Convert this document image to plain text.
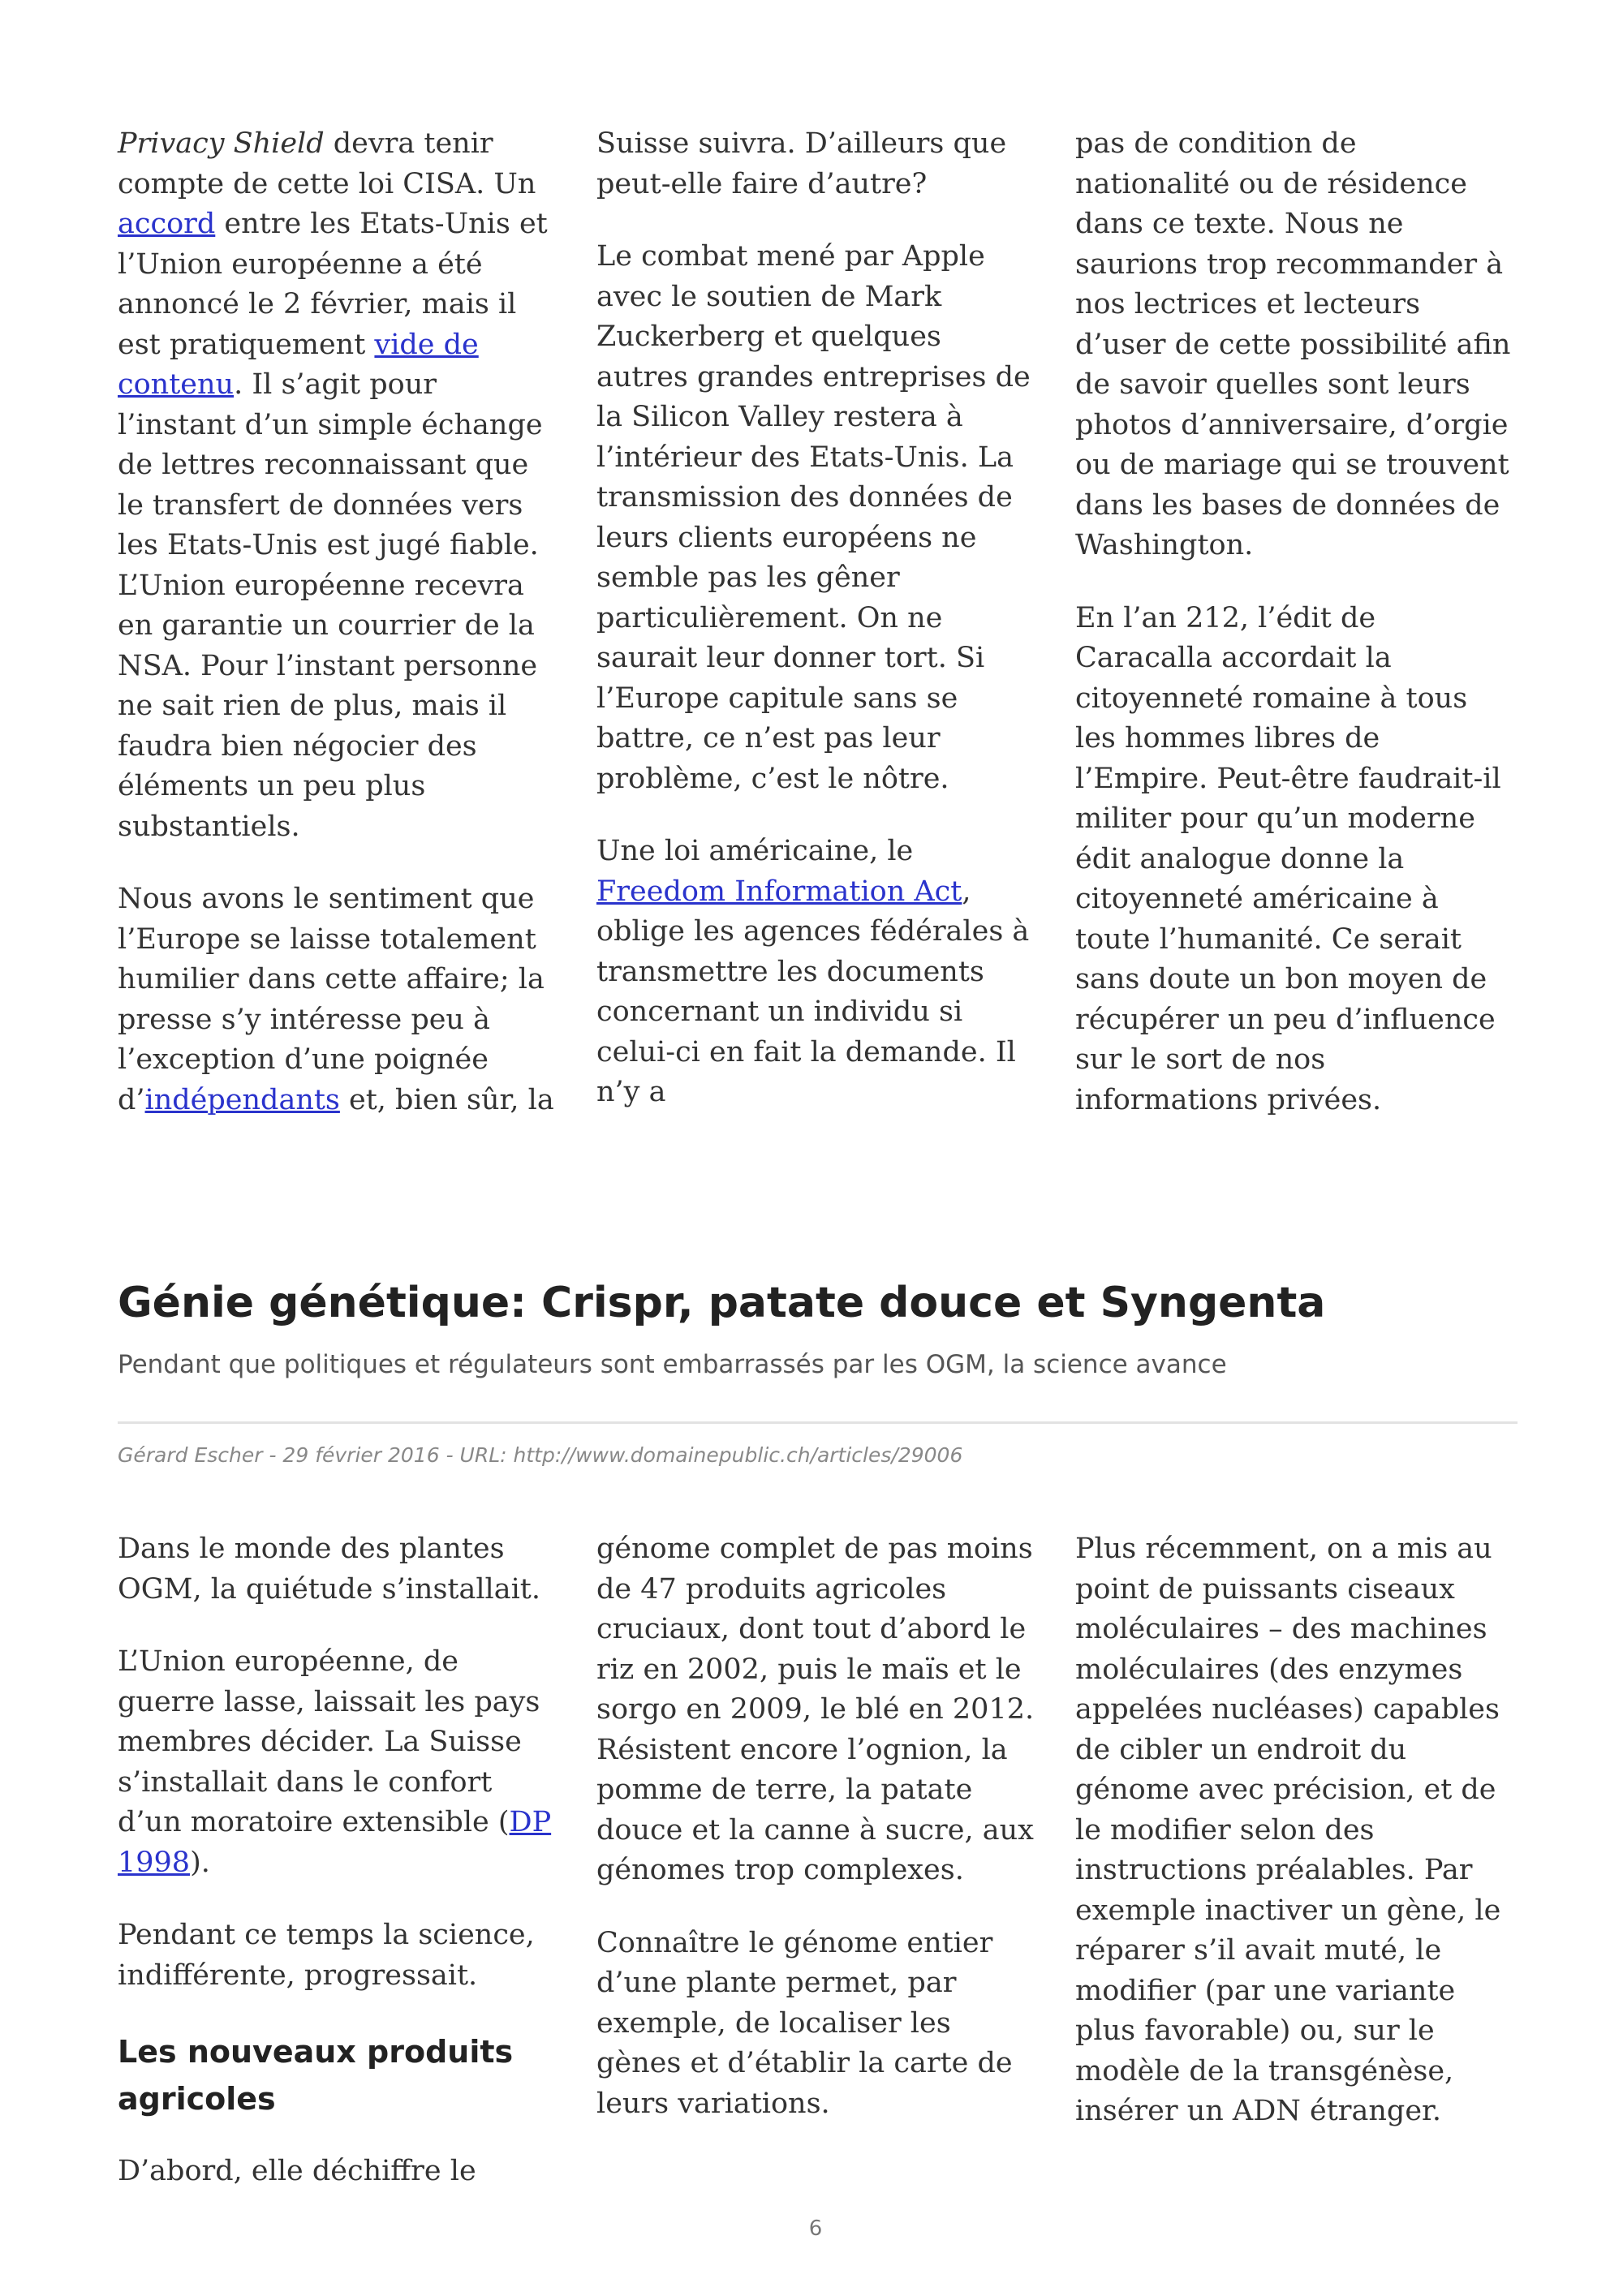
Privacy Shield devra tenir compte de cette loi CISA. Un accord entre les Etats-Unis et l’Union européenne a été annoncé le 2 février, mais il est pratiquement vide de contenu. Il s’agit pour l’instant d’un simple échange de lettres reconnaissant que le transfert de données vers les Etats-Unis est jugé fiable. L’Union européenne recevra en garantie un courrier de la NSA. Pour l’instant personne ne sait rien de plus, mais il faudra bien négocier des éléments un peu plus substantiels.

Nous avons le sentiment que l’Europe se laisse totalement humilier dans cette affaire; la presse s’y intéresse peu à l’exception d’une poignée d’indépendants et, bien sûr, la

Suisse suivra. D’ailleurs que peut-elle faire d’autre?

Le combat mené par Apple avec le soutien de Mark Zuckerberg et quelques autres grandes entreprises de la Silicon Valley restera à l’intérieur des Etats-Unis. La transmission des données de leurs clients européens ne semble pas les gêner particulièrement. On ne saurait leur donner tort. Si l’Europe capitule sans se battre, ce n’est pas leur problème, c’est le nôtre.

Une loi américaine, le Freedom Information Act, oblige les agences fédérales à transmettre les documents concernant un individu si celui-ci en fait la demande. Il n’y a

pas de condition de nationalité ou de résidence dans ce texte. Nous ne saurions trop recommander à nos lectrices et lecteurs d’user de cette possibilité afin de savoir quelles sont leurs photos d’anniversaire, d’orgie ou de mariage qui se trouvent dans les bases de données de Washington.

En l’an 212, l’édit de Caracalla accordait la citoyenneté romaine à tous les hommes libres de l’Empire. Peut-être faudrait-il militer pour qu’un moderne édit analogue donne la citoyenneté américaine à toute l’humanité. Ce serait sans doute un bon moyen de récupérer un peu d’influence sur le sort de nos informations privées.

Génie génétique: Crispr, patate douce et Syngenta
Pendant que politiques et régulateurs sont embarrassés par les OGM, la science avance
Gérard Escher - 29 février 2016 - URL: http://www.domainepublic.ch/articles/29006

Dans le monde des plantes OGM, la quiétude s’installait.

L’Union européenne, de guerre lasse, laissait les pays membres décider. La Suisse s’installait dans le confort d’un moratoire extensible (DP 1998).

Pendant ce temps la science, indifférente, progressait.

Les nouveaux produits agricoles

D’abord, elle déchiffre le

génome complet de pas moins de 47 produits agricoles cruciaux, dont tout d’abord le riz en 2002, puis le maïs et le sorgo en 2009, le blé en 2012. Résistent encore l’ognion, la pomme de terre, la patate douce et la canne à sucre, aux génomes trop complexes.

Connaître le génome entier d’une plante permet, par exemple, de localiser les gènes et d’établir la carte de leurs variations.

Plus récemment, on a mis au point de puissants ciseaux moléculaires – des machines moléculaires (des enzymes appelées nucléases) capables de cibler un endroit du génome avec précision, et de le modifier selon des instructions préalables. Par exemple inactiver un gène, le réparer s’il avait muté, le modifier (par une variante plus favorable) ou, sur le modèle de la transgénèse, insérer un ADN étranger.

6
